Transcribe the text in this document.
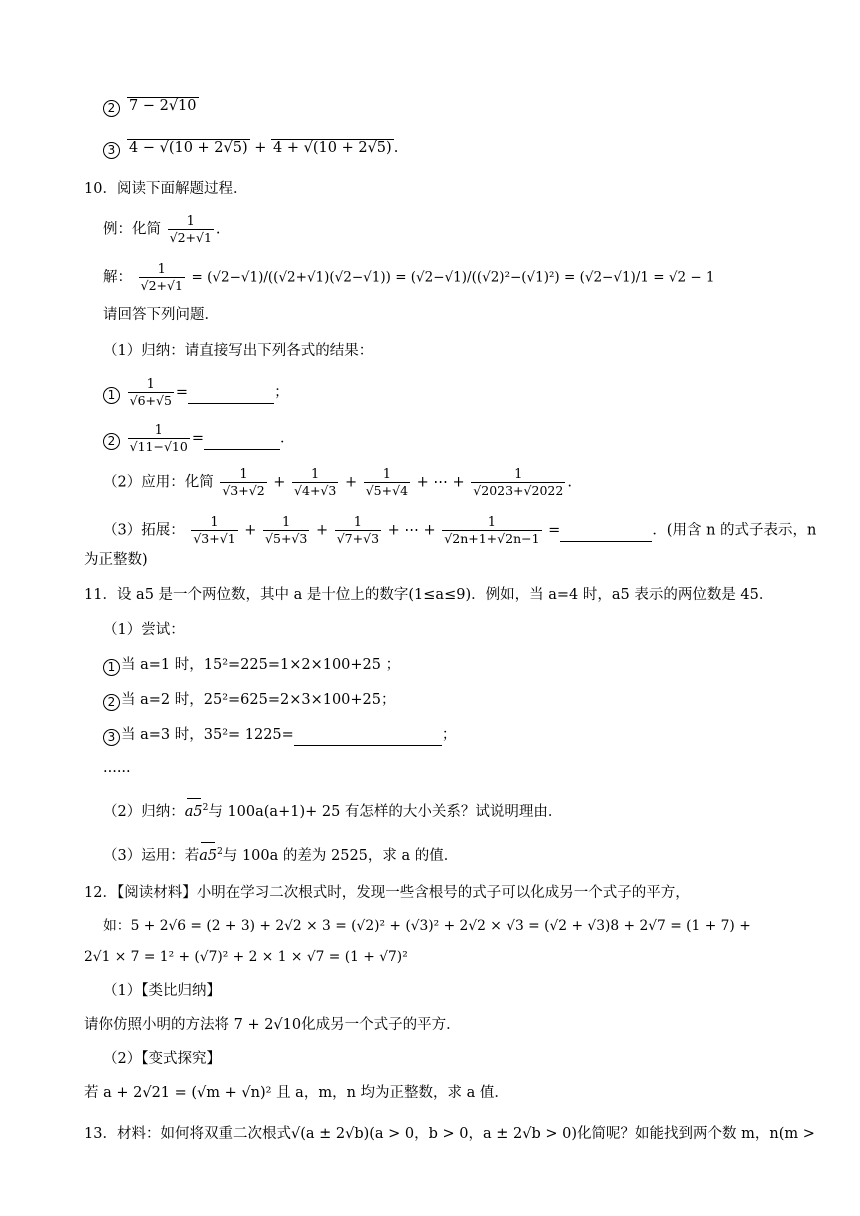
2 7 − 2√10
3 4 − √(10 + 2√5) + 4 + √(10 + 2√5) .
10．阅读下面解题过程．
例：化简 $\frac{1}{√2+√1}$ .
解： $\frac{1}{√2+√1} = (√2-√1)/((√2+√1)(√2-√1)) = (√2-√1)/((√2)^2-(√1)^2) = (√2-√1)/1 = √2 - 1$
请回答下列问题．
（1）归纳：请直接写出下列各式的结果：
$1 \frac{1}{√6+√5}$ =	；
$2 \frac{1}{√11-√10}$ =	．
（2）应用：化简 $\frac{1}{√3+√2} + \frac{1}{√4+√3} + \frac{1}{√5+√4}$ + ⋯ + $\frac{1}{√2023+√2022}$ .
（3）拓展： $\frac{1}{√3+√1} + \frac{1}{√5+√3} + \frac{1}{√7+√3}$ + ⋯ + $\frac{1}{√2n+1+√2n-1}$ =	．(用含 n 的式子表示，n
为正整数)
11．设 a5 是一个两位数，其中 a 是十位上的数字(1≤a≤9)．例如，当 a=4 时，a5 表示的两位数是 45．
（1）尝试：
1 当 a=1 时，15²=225=1×2×100+25 ；
2 当 a=2 时，25²=625=2×3×100+25；
3 当 a=3 时，35²= 1225=	；
......
（2）归纳：$a5^2$与 100a(a+1)+ 25 有怎样的大小关系？试说明理由．
（3）运用：若$a5^2$与 100a 的差为 2525，求 a 的值．
12．【阅读材料】小明在学习二次根式时，发现一些含根号的式子可以化成另一个式子的平方，
如：5 + 2√6 = (2 + 3) + 2√2 × 3 = (√2)² + (√3)² + 2√2 × √3 = (√2 + √3)8 + 2√7 = (1 + 7) +
2√1 × 7 = 1² + (√7)² + 2 × 1 × √7 = (1 + √7)²
（1）【类比归纳】
请你仿照小明的方法将 7 + 2√10化成另一个式子的平方．
（2）【变式探究】
若 a + 2√21 = (√m + √n)² 且 a，m，n 均为正整数，求 a 值．
13．材料：如何将双重二次根式√(a ± 2√b)(a > 0，b > 0，a ± 2√b > 0)化简呢？如能找到两个数 m，n(m >
